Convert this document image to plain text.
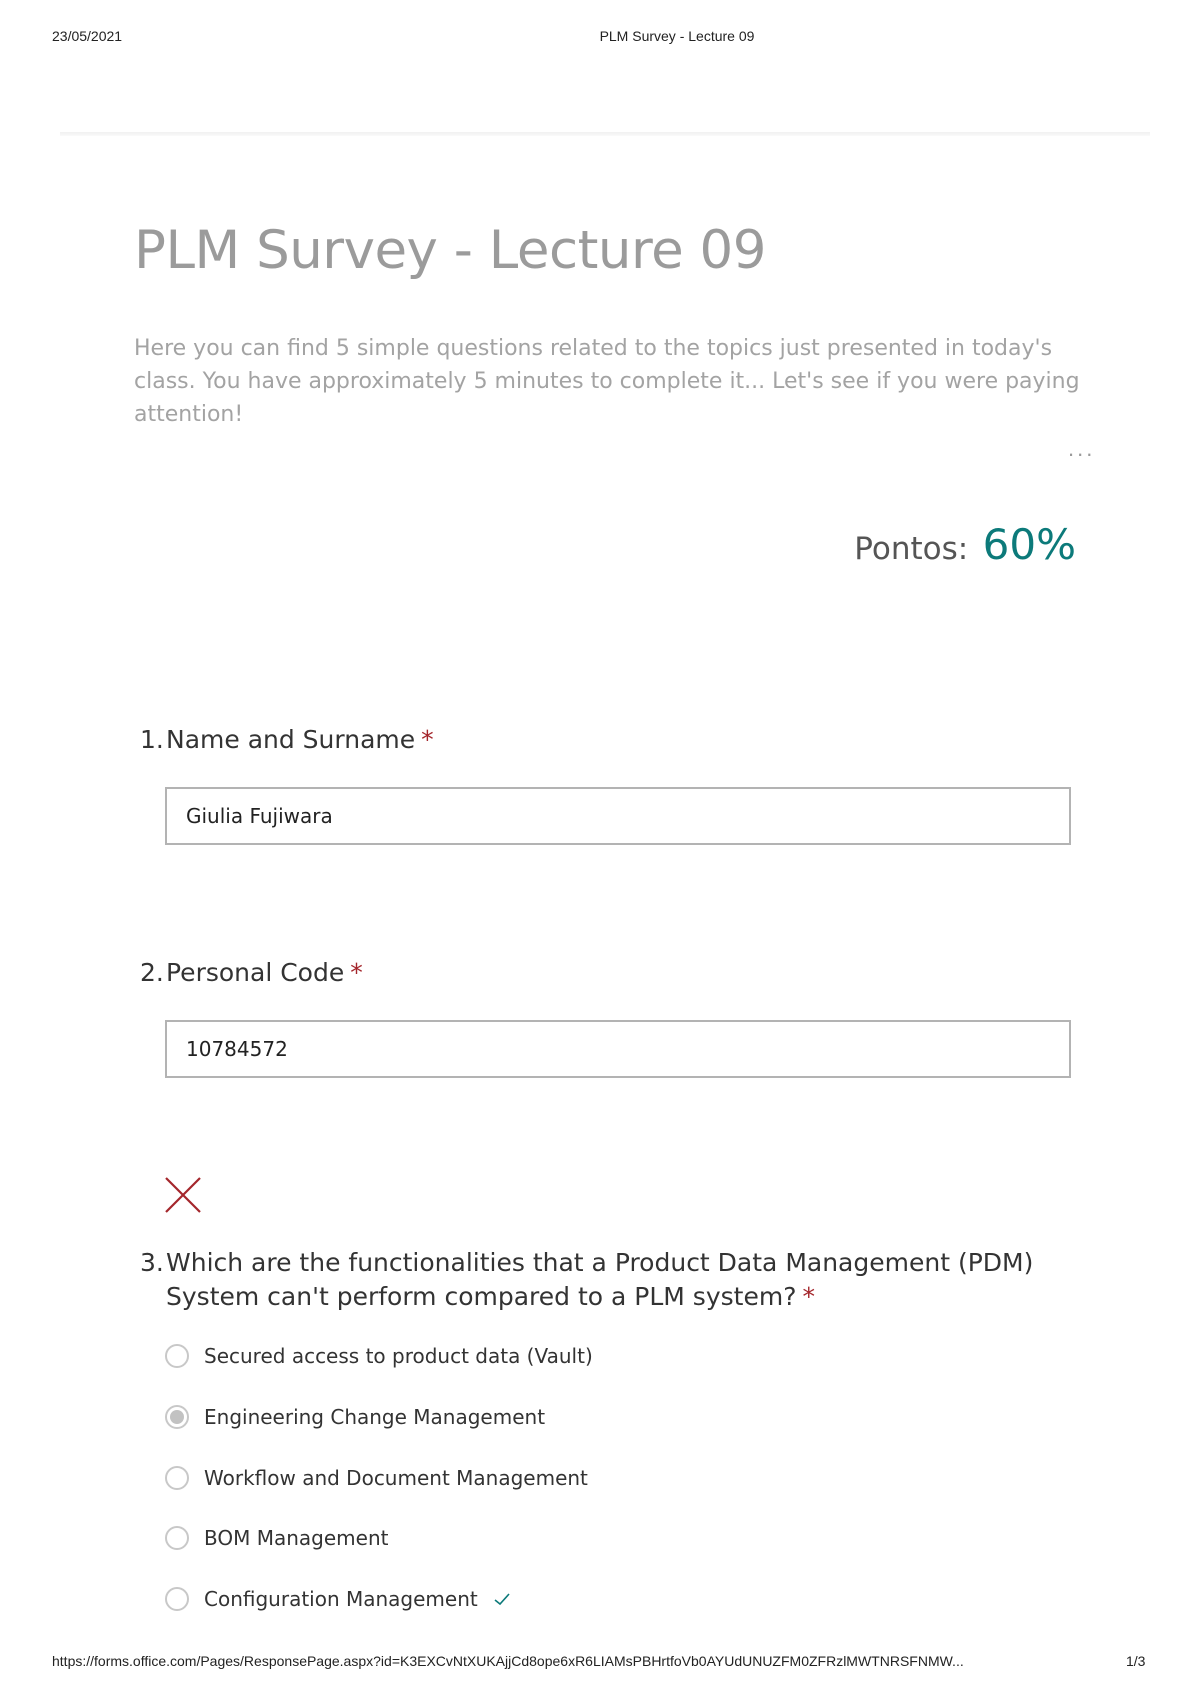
23/05/2021	PLM Survey - Lecture 09
PLM Survey - Lecture 09
Here you can find 5 simple questions related to the topics just presented in today's class. You have approximately 5 minutes to complete it... Let's see if you were paying attention!
...
Pontos: 60%
1.Name and Surname *
Giulia Fujiwara
2.Personal Code *
10784572
3. Which are the functionalities that a Product Data Management (PDM) System can't perform compared to a PLM system? *
Secured access to product data (Vault)
Engineering Change Management
Workflow and Document Management
BOM Management
Configuration Management
https://forms.office.com/Pages/ResponsePage.aspx?id=K3EXCvNtXUKAjjCd8ope6xR6LIAMsPBHrtfoVb0AYUdUNUZFM0ZFRzlMWTNRSFNMW...	1/3
